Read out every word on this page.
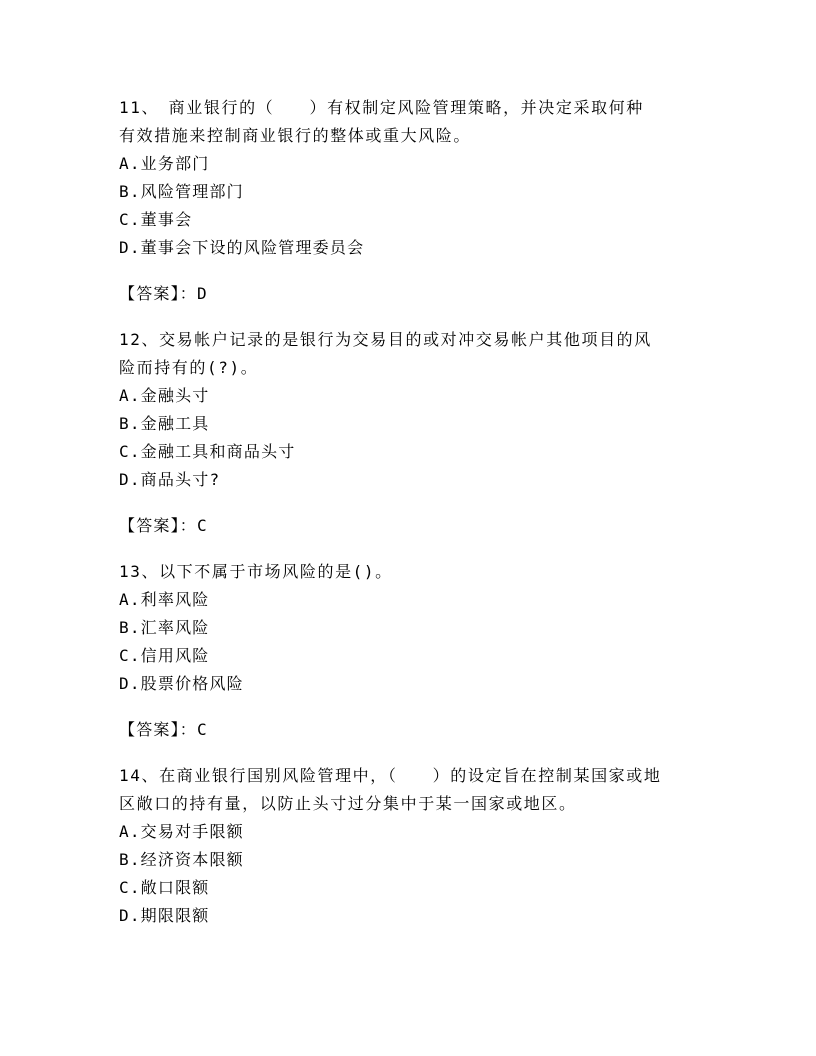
11、　商业银行的（　　）有权制定风险管理策略，并决定采取何种
有效措施来控制商业银行的整体或重大风险。
A.业务部门
B.风险管理部门
C.董事会
D.董事会下设的风险管理委员会
【答案】：D
12、交易帐户记录的是银行为交易目的或对冲交易帐户其他项目的风
险而持有的(?)。
A.金融头寸
B.金融工具
C.金融工具和商品头寸
D.商品头寸?
【答案】：C
13、以下不属于市场风险的是()。
A.利率风险
B.汇率风险
C.信用风险
D.股票价格风险
【答案】：C
14、在商业银行国别风险管理中，（　　）的设定旨在控制某国家或地
区敞口的持有量，以防止头寸过分集中于某一国家或地区。
A.交易对手限额
B.经济资本限额
C.敞口限额
D.期限限额
